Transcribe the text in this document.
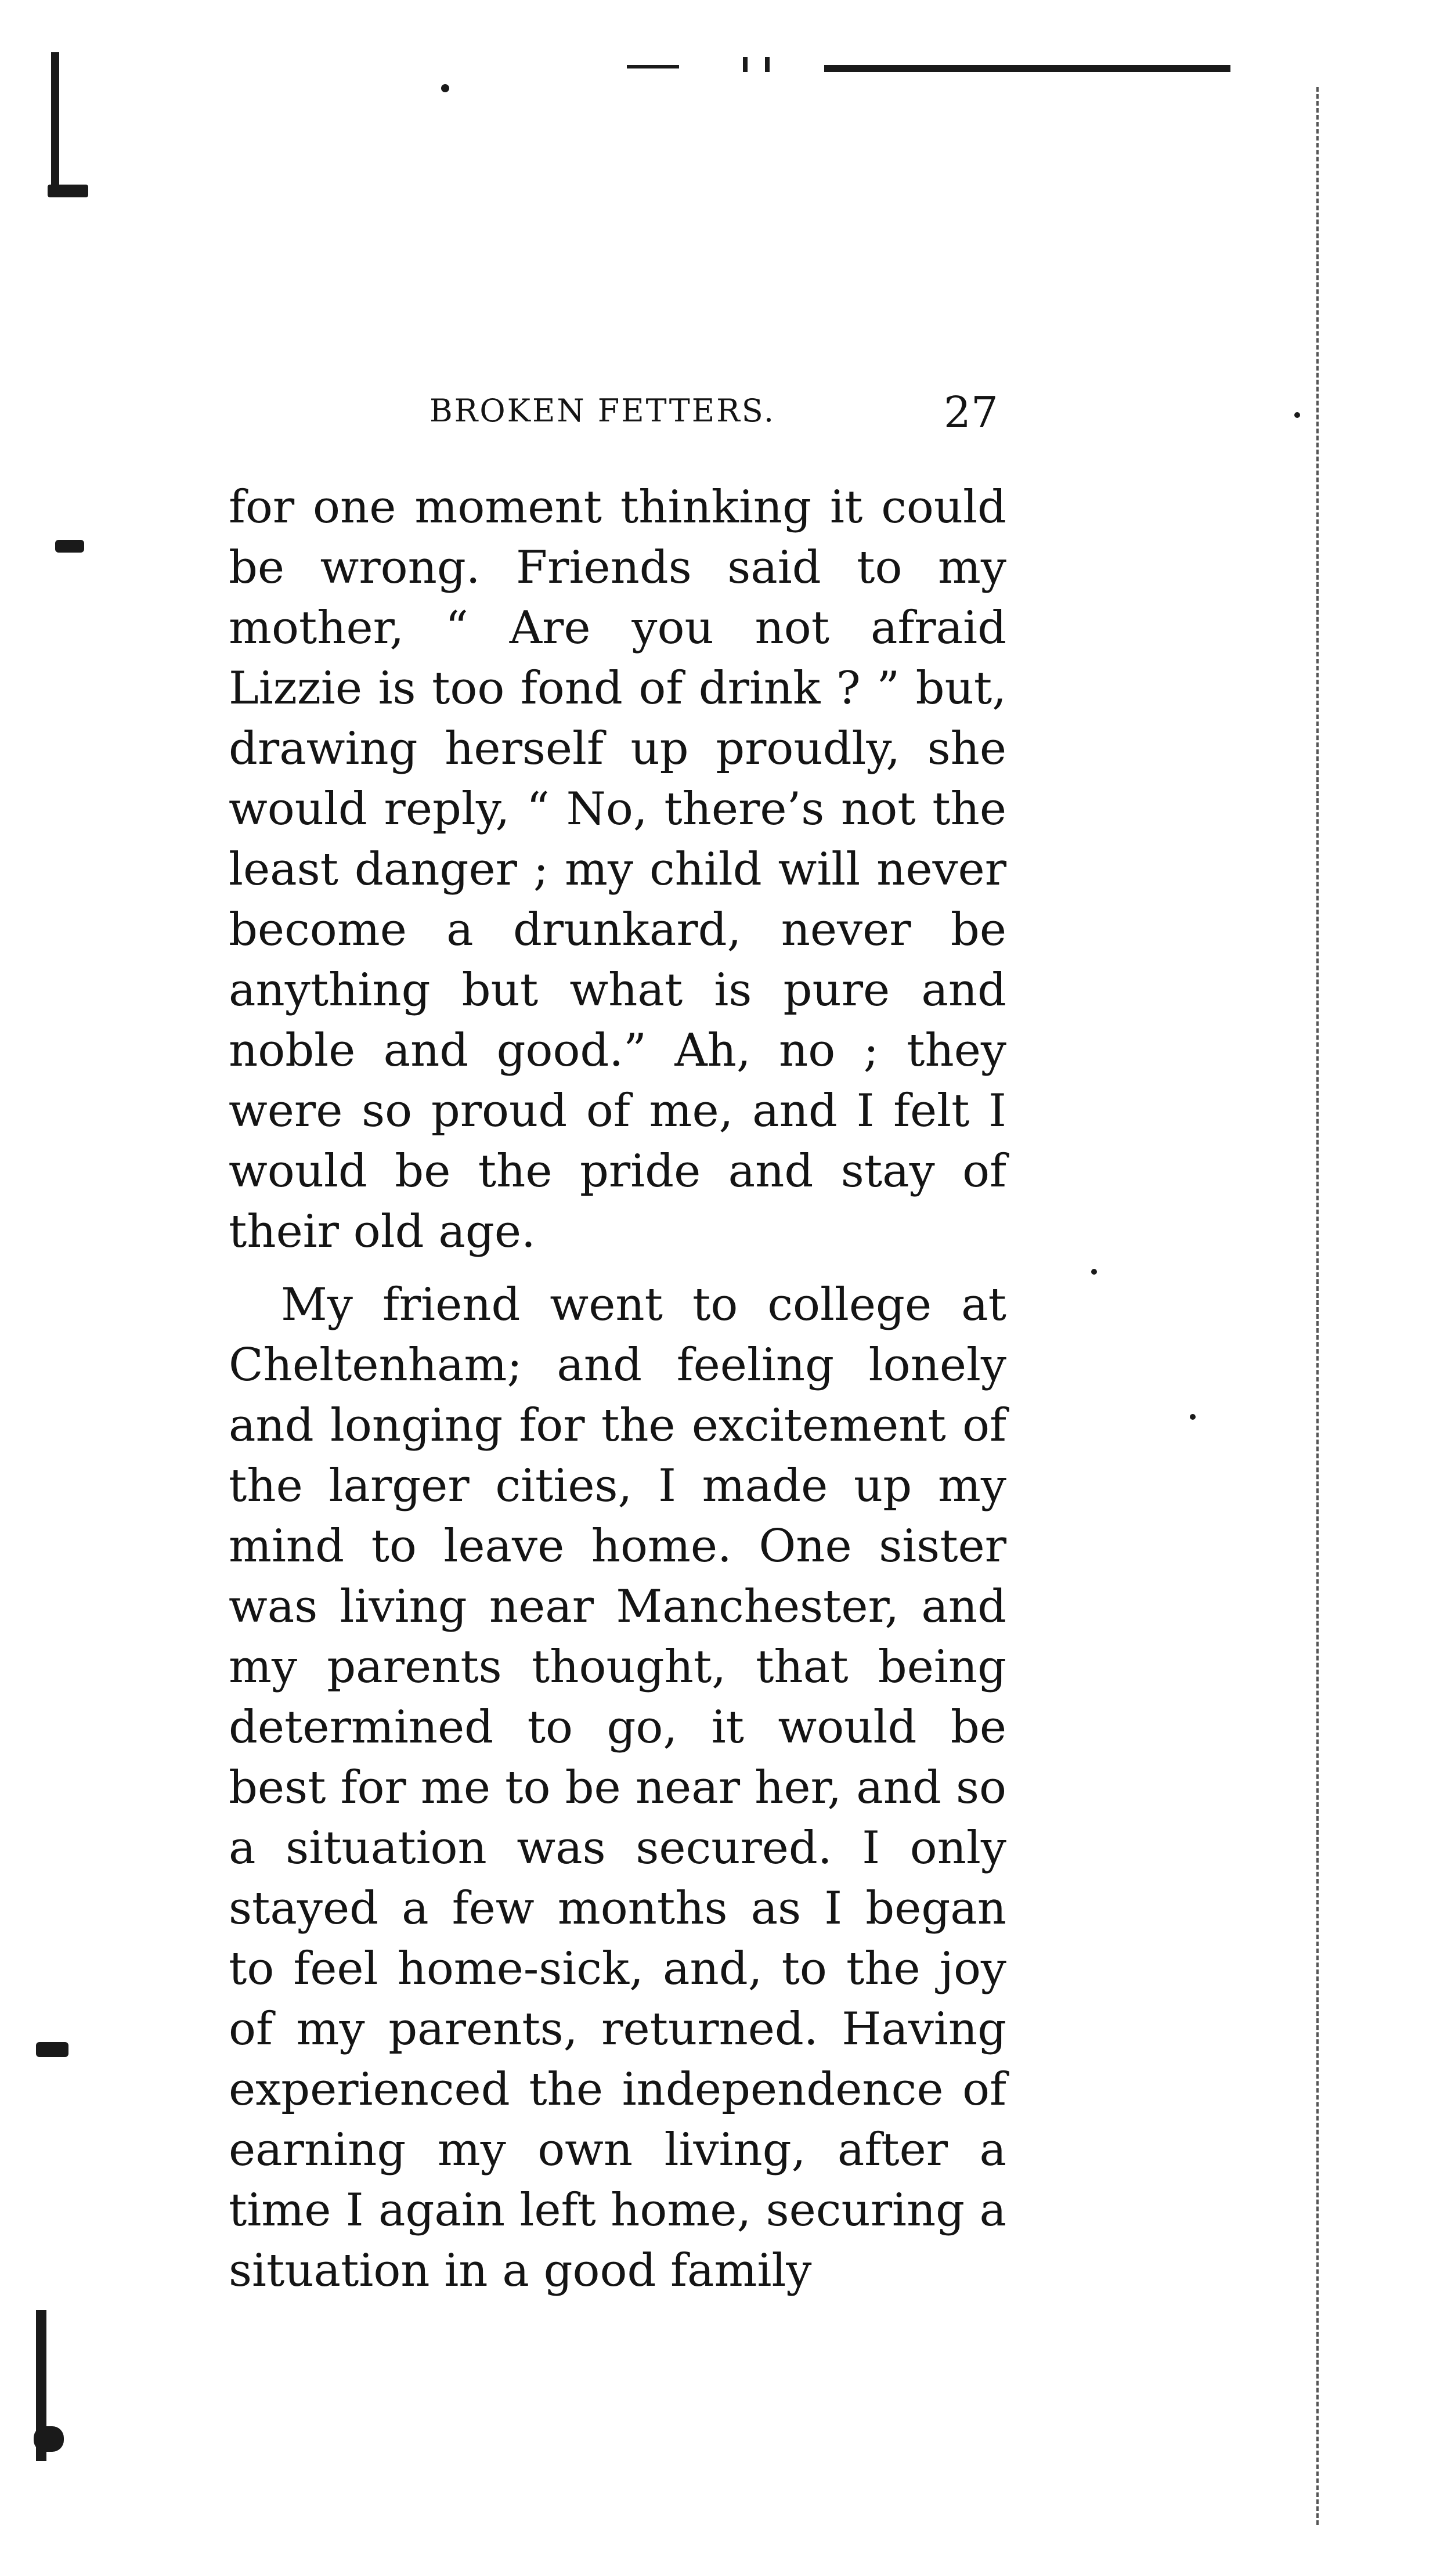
BROKEN FETTERS.	27

for one moment thinking it could be wrong. Friends said to my mother, “ Are you not afraid Lizzie is too fond of drink ? ” but, drawing herself up proudly, she would reply, “ No, there’s not the least danger ; my child will never become a drunkard, never be anything but what is pure and noble and good.” Ah, no ; they were so proud of me, and I felt I would be the pride and stay of their old age.

My friend went to college at Cheltenham; and feeling lonely and longing for the excitement of the larger cities, I made up my mind to leave home. One sister was living near Manchester, and my parents thought, that being determined to go, it would be best for me to be near her, and so a situation was secured. I only stayed a few months as I began to feel home-sick, and, to the joy of my parents, returned. Having experienced the independence of earning my own living, after a time I again left home, securing a situation in a good family
